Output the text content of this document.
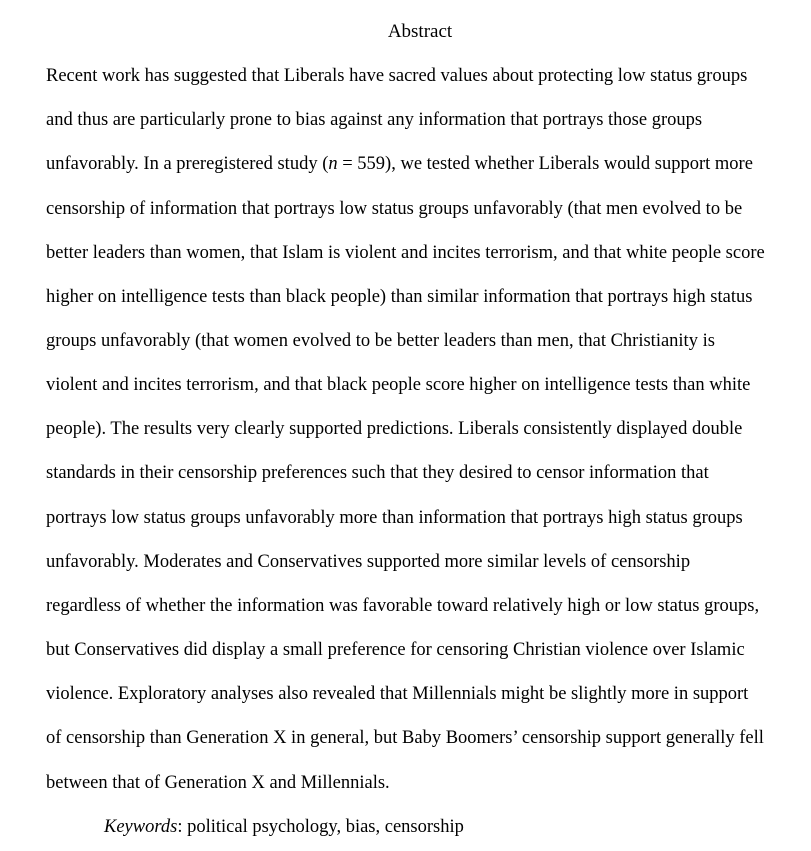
Abstract
Recent work has suggested that Liberals have sacred values about protecting low status groups
and thus are particularly prone to bias against any information that portrays those groups
unfavorably. In a preregistered study (n = 559), we tested whether Liberals would support more
censorship of information that portrays low status groups unfavorably (that men evolved to be
better leaders than women, that Islam is violent and incites terrorism, and that white people score
higher on intelligence tests than black people) than similar information that portrays high status
groups unfavorably (that women evolved to be better leaders than men, that Christianity is
violent and incites terrorism, and that black people score higher on intelligence tests than white
people). The results very clearly supported predictions. Liberals consistently displayed double
standards in their censorship preferences such that they desired to censor information that
portrays low status groups unfavorably more than information that portrays high status groups
unfavorably. Moderates and Conservatives supported more similar levels of censorship
regardless of whether the information was favorable toward relatively high or low status groups,
but Conservatives did display a small preference for censoring Christian violence over Islamic
violence. Exploratory analyses also revealed that Millennials might be slightly more in support
of censorship than Generation X in general, but Baby Boomers’ censorship support generally fell
between that of Generation X and Millennials.
Keywords: political psychology, bias, censorship
